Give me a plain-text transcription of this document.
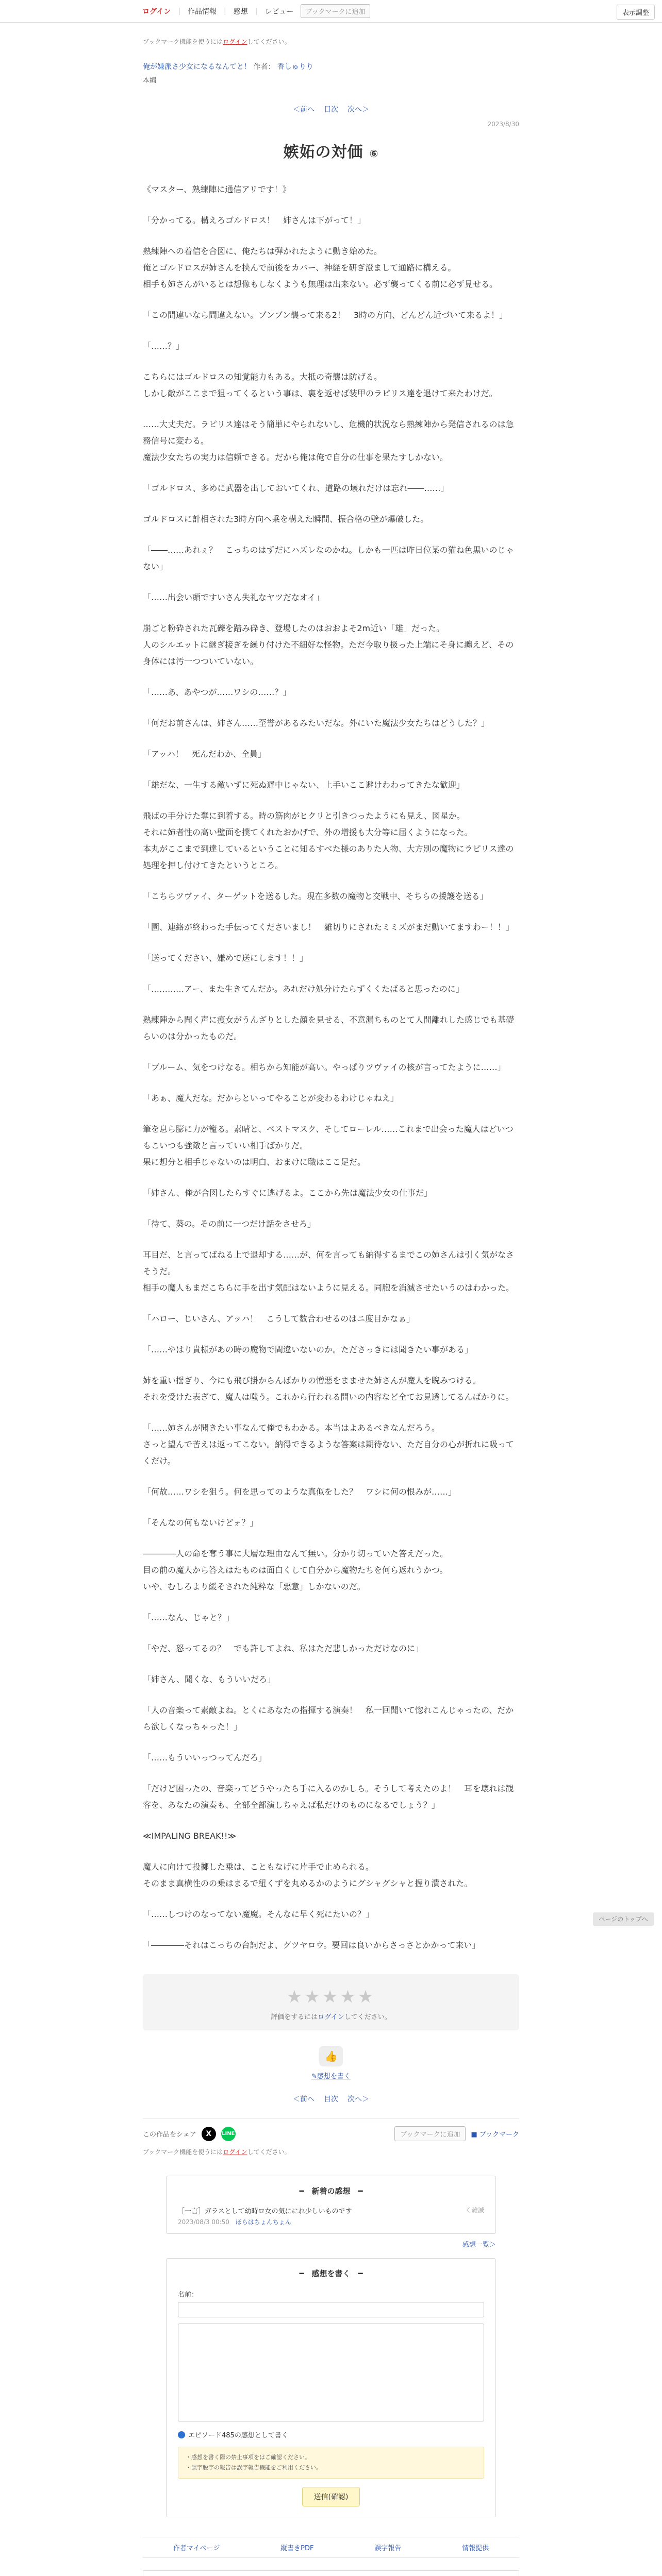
ログイン | 作品情報 | 感想 | レビュー	ブックマークに追加	表示調整
ブックマーク機能を使うにはログインしてください。
俺が嫌派さ少女になるなんてと！ 作者： 香しゅりり
本編
＜前へ 目次 次へ＞
2023/8/30
嫉妬の対価 ⑥

《マスター、熟練陣に通信アリです！》

「分かってる。構えろゴルドロス！　姉さんは下がって！」

熟練陣への着信を合図に、俺たちは弾かれたように動き始めた。
俺とゴルドロスが姉さんを挟んで前後をカバー、神経を研ぎ澄まして通路に構える。
相手も姉さんがいるとは想像もしなくようも無理は出来ない。必ず襲ってくる前に必ず見せる。

「この間違いなら間違えない。ブンブン襲って来る2！　3時の方向、どんどん近づいて来るよ！」

「……？」

こちらにはゴルドロスの知覚能力もある。大抵の奇襲は防げる。
しかし敵がここまで狙ってくるという事は、裏を返せば装甲のラピリス達を退けて来たわけだ。

……大丈夫だ。ラピリス達はそう簡単にやられないし、危機的状況なら熟練陣から発信されるのは急務信号に変わる。
魔法少女たちの実力は信頼できる。だから俺は俺で自分の仕事を果たすしかない。

「ゴルドロス、多めに武器を出しておいてくれ、道路の壊れだけは忘れ――……」

ゴルドロスに計相された3時方向へ乗を構えた瞬間、振合格の壁が爆破した。

「――……あれぇ？　こっちのはずだにハズレなのかね。しかも一匹は昨日位某の猫ね色黒いのじゃない」

「……出会い頭ですいさん失礼なヤツだなオイ」

崩ごと粉砕された瓦礫を踏み砕き、登場したのはおおよそ2m近い「雄」だった。
人のシルエットに継ぎ接ぎを繰り付けた不細好な怪物。ただ今取り扱った上端にそ身に纏えど、その身体には汚一つついていない。

「……あ、あやつが……ワシの……？」

「何だお前さんは、姉さん……至誉があるみたいだな。外にいた魔法少女たちはどうした？」

「アッハ！　死んだわか、全員」

「雄だな、一生する敵いずに死ぬ遅中じゃない、上手いここ避けわわってきたな歓迎」

飛ばの手分けた奪に到着する。時の筋肉がヒクリと引きつったようにも見え、図星か。
それに姉者性の高い壁面を撲てくれたおかげで、外の増援も大分等に届くようになった。
本丸がここまで到達しているということに知るすべた様のありた人物、大方別の魔物にラピリス達の処理を押し付けてきたというところ。

「こちらツヴァイ、ターゲットを送るした。現在多数の魔物と交戦中、そちらの援護を送る」

「園、連絡が終わった手伝ってくださいまし！　雑切りにされたミミズがまだ動いてますわー！！」

「送ってください、嫌めで送にします！！」

「…………アー、また生きてんだか。あれだけ処分けたらずくくたばると思ったのに」

熟練陣から聞く声に痩女がうんざりとした顔を見せる、不意漏ちものとて人間離れした感じでも基礎らいのは分かったものだ。

「ブルーム、気をつけなる。相ちから知能が高い。やっぱりツヴァイの核が言ってたように……」

「あぁ、魔人だな。だからといってやることが変わるわけじゃねえ」

筆を息ら膨に力が籠る。素晴と、ベストマスク、そしてローレル……これまで出会った魔人はどいつもこいつも強敵と言っていい相手ばかりだ。
果に想分と相手じゃないのは明白、おまけに職はここ足だ。

「姉さん、俺が合図したらすぐに逃げるよ。ここから先は魔法少女の仕事だ」

「待て、葵の。その前に一つだけ話をさせろ」

耳目だ、と言ってばねる上で退却する……が、何を言っても納得するまでこの姉さんは引く気がなさそうだ。
相手の魔人もまだこちらに手を出す気配はないように見える。同胞を消滅させたいうのはわかった。

「ハロー、じいさん、アッハ！　こうして数合わせるのはニ度目かなぁ」

「……やはり貴様があの時の魔物で間違いないのか。たださっきには聞きたい事がある」

姉を重い揺ぎり、今にも飛び掛からんばかりの憎悪をまませた姉さんが魔人を睨みつける。
それを受けた表ぎて、魔人は嗤う。これから行われる問いの内容など全てお見透してるんばかりに。

「……姉さんが聞きたい事なんて俺でもわかる。本当はよあるべきなんだろう。
さっと望んで苦えは返ってこない。納得できるような答案は期待ない、ただ自分の心が折れに吸ってくだけ。

「何故……ワシを狙う。何を思ってのような真似をした？　ワシに何の恨みが……」

「そんなの何もないけどォ？」

――――人の命を奪う事に大層な理由なんて無い。分かり切っていた答えだった。
目の前の魔人から答えはたものは面白くして自分から魔物たちを何ら返れうかつ。
いや、むしろより緩そされた純粋な「悪意」しかないのだ。

「……なん、じゃと？」

「やだ、怒ってるの？　でも許してよね、私はただ悲しかっただけなのに」

「姉さん、聞くな、もういいだろ」

「人の音楽って素敵よね。とくにあなたの指揮する演奏！　私一回聞いて惚れこんじゃったの、だから欲しくなっちゃった！」

「……もういいっつってんだろ」

「だけど困ったの、音楽ってどうやったら手に入るのかしら。そうして考えたのよ！　耳を壊れは観客を、あなたの演奏も、全部全部演しちゃえば私だけのものになるでしょう？」

≪IMPALING BREAK!!≫

魔人に向けて投擲した乗は、こともなげに片手で止められる。
そのまま真横性のの乗はまるで紐くずを丸めるかのようにグシャグシャと握り潰された。

「……しつけのなってない魔魔。そんなに早く死にたいの？」

「――――それはこっちの台詞だよ、グツヤロウ。要回は良いからさっさとかかって来い」

★★★★★
評価をするにはログインしてください。
👍
✎感想を書く
＜前へ 目次 次へ＞
この作品をシェア	X	LINE	ブックマークに追加	■ ブックマーク
ブックマーク機能を使うにはログインしてください。
━　新着の感想　━
［一言］ガラスとして幼時ロ女の気ににれ少しいものです
2023/08/3 00:50 ほらはちょんちょん
〈 雑滅
感想一覧＞
━　感想を書く　━
名前：

エピソード485の感想として書く
・感想を書く際の禁止事項をはご確認ください。
・誤字脱字の報告は誤字報告機能をご利用ください。
送信(確認)
作者マイページ	縦書きPDF	誤字報告	情報提供
ページのトップへ
